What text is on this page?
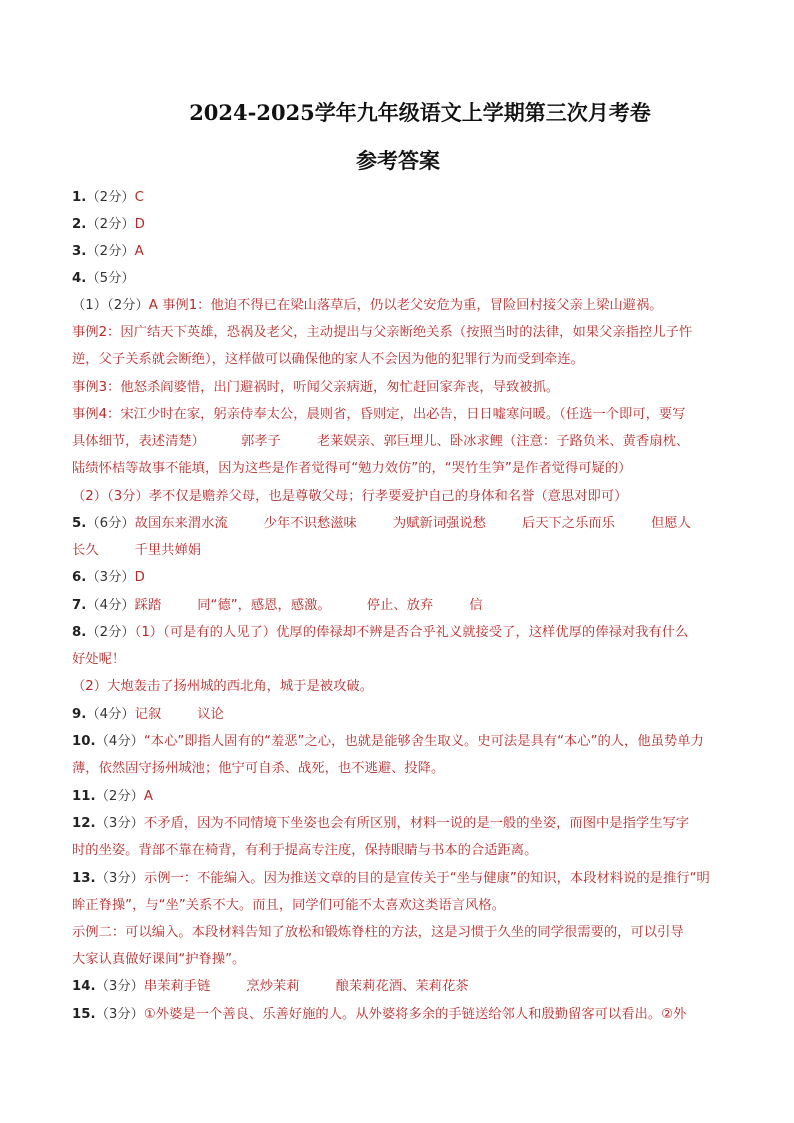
2024-2025学年九年级语文上学期第三次月考卷
参考答案
1.（2分）C
2.（2分）D
3.（2分）A
4.（5分）
（1）（2分）A 事例1：他迫不得已在梁山落草后，仍以老父安危为重，冒险回村接父亲上梁山避祸。
事例2：因广结天下英雄，恐祸及老父，主动提出与父亲断绝关系（按照当时的法律，如果父亲指控儿子忤
逆，父子关系就会断绝），这样做可以确保他的家人不会因为他的犯罪行为而受到牵连。
事例3：他怒杀阎婆惜，出门避祸时，听闻父亲病逝，匆忙赶回家奔丧，导致被抓。
事例4：宋江少时在家，躬亲侍奉太公，晨则省，昏则定，出必告，日日嘘寒问暖。（任选一个即可，要写
具体细节，表述清楚）	郭孝子	老莱娱亲、郭巨埋儿、卧冰求鲤（注意：子路负米、黄香扇枕、
陆绩怀桔等故事不能填，因为这些是作者觉得可“勉力效仿”的，“哭竹生笋”是作者觉得可疑的）
（2）（3分）孝不仅是赡养父母，也是尊敬父母；行孝要爱护自己的身体和名誉（意思对即可）
5.（6分）故国东来渭水流	少年不识愁滋味	为赋新词强说愁	后天下之乐而乐	但愿人
长久	千里共婵娟
6.（3分）D
7.（4分）踩踏	同“德”，感恩，感激。	停止、放弃	信
8.（2分）（1）（可是有的人见了）优厚的俸禄却不辨是否合乎礼义就接受了，这样优厚的俸禄对我有什么
好处呢！
（2）大炮轰击了扬州城的西北角，城于是被攻破。
9.（4分）记叙	议论
10.（4分）“本心”即指人固有的“羞恶”之心，也就是能够舍生取义。史可法是具有“本心”的人，他虽势单力
薄，依然固守扬州城池；他宁可自杀、战死，也不逃避、投降。
11.（2分）A
12.（3分）不矛盾，因为不同情境下坐姿也会有所区别，材料一说的是一般的坐姿，而图中是指学生写字
时的坐姿。背部不靠在椅背，有利于提高专注度，保持眼睛与书本的合适距离。
13.（3分）示例一：不能编入。因为推送文章的目的是宣传关于“坐与健康”的知识，本段材料说的是推行“明
眸正脊操”，与“坐”关系不大。而且，同学们可能不太喜欢这类语言风格。
示例二：可以编入。本段材料告知了放松和锻炼脊柱的方法，这是习惯于久坐的同学很需要的，可以引导
大家认真做好课间“护脊操”。
14.（3分）串茉莉手链	烹炒茉莉	酿茉莉花酒、茉莉花茶
15.（3分）①外婆是一个善良、乐善好施的人。从外婆将多余的手链送给邻人和殷勤留客可以看出。②外
